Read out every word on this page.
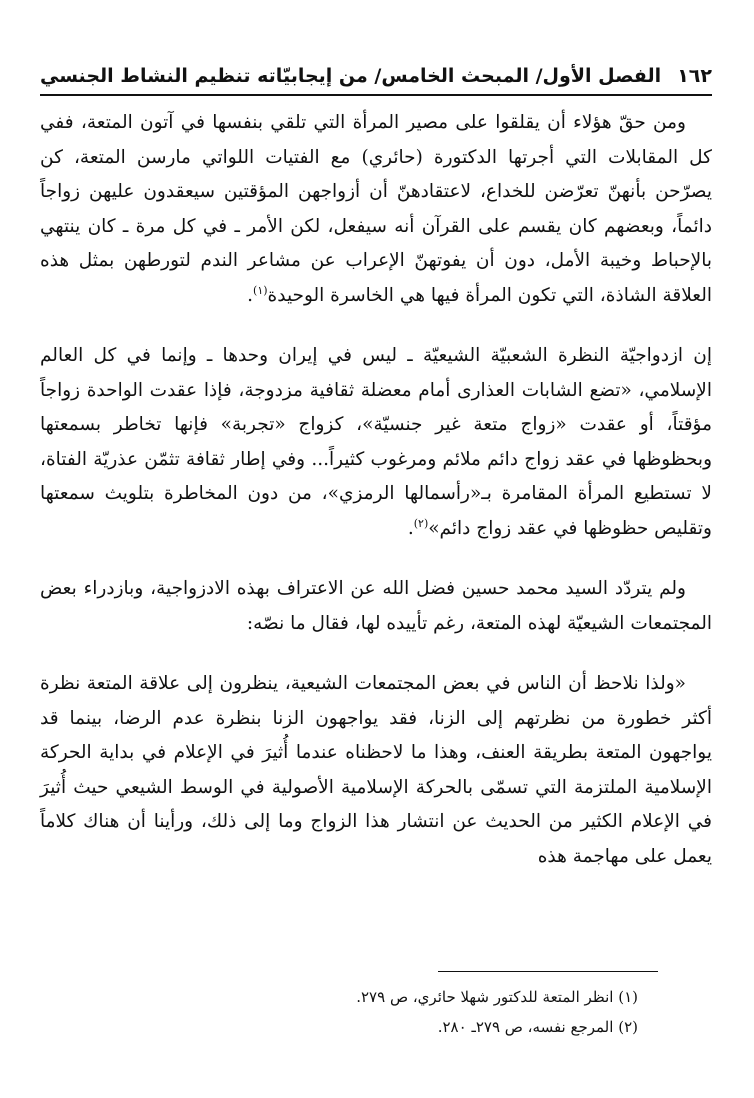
١٦٢
الفصل الأول/ المبحث الخامس/ من إيجابيّاته تنظيم النشاط الجنسي

ومن حقّ هؤلاء أن يقلقوا على مصير المرأة التي تلقي بنفسها في آتون المتعة، ففي كل المقابلات التي أجرتها الدكتورة (حائري) مع الفتيات اللواتي مارسن المتعة، كن يصرّحن بأنهنّ تعرّضن للخداع، لاعتقادهنّ أن أزواجهن المؤقتين سيعقدون عليهن زواجاً دائماً، وبعضهم كان يقسم على القرآن أنه سيفعل، لكن الأمر ـ في كل مرة ـ كان ينتهي بالإحباط وخيبة الأمل، دون أن يفوتهنّ الإعراب عن مشاعر الندم لتورطهن بمثل هذه العلاقة الشاذة، التي تكون المرأة فيها هي الخاسرة الوحيدة$^{(١)}$.

إن ازدواجيّة النظرة الشعبيّة الشيعيّة ـ ليس في إيران وحدها ـ وإنما في كل العالم الإسلامي، «تضع الشابات العذارى أمام معضلة ثقافية مزدوجة، فإذا عقدت الواحدة زواجاً مؤقتاً، أو عقدت «زواج متعة غير جنسيّة»، كزواج «تجربة» فإنها تخاطر بسمعتها وبحظوظها في عقد زواج دائم ملائم ومرغوب كثيراً... وفي إطار ثقافة تثمّن عذريّة الفتاة، لا تستطيع المرأة المقامرة بـ«رأسمالها الرمزي»، من دون المخاطرة بتلويث سمعتها وتقليص حظوظها في عقد زواج دائم»$^{(٢)}$.

ولم يتردّد السيد محمد حسين فضل الله عن الاعتراف بهذه الادزواجية، وبازدراء بعض المجتمعات الشيعيّة لهذه المتعة، رغم تأييده لها، فقال ما نصّه:

«ولذا نلاحظ أن الناس في بعض المجتمعات الشيعية، ينظرون إلى علاقة المتعة نظرة أكثر خطورة من نظرتهم إلى الزنا، فقد يواجهون الزنا بنظرة عدم الرضا، بينما قد يواجهون المتعة بطريقة العنف، وهذا ما لاحظناه عندما أُثيرَ في الإعلام في بداية الحركة الإسلامية الملتزمة التي تسمّى بالحركة الإسلامية الأصولية في الوسط الشيعي حيث أُثيرَ في الإعلام الكثير من الحديث عن انتشار هذا الزواج وما إلى ذلك، ورأينا أن هناك كلاماً يعمل على مهاجمة هذه

(١) انظر المتعة للدكتور شهلا حائري، ص ٢٧٩.
(٢) المرجع نفسه، ص ٢٧٩ـ ٢٨٠.
